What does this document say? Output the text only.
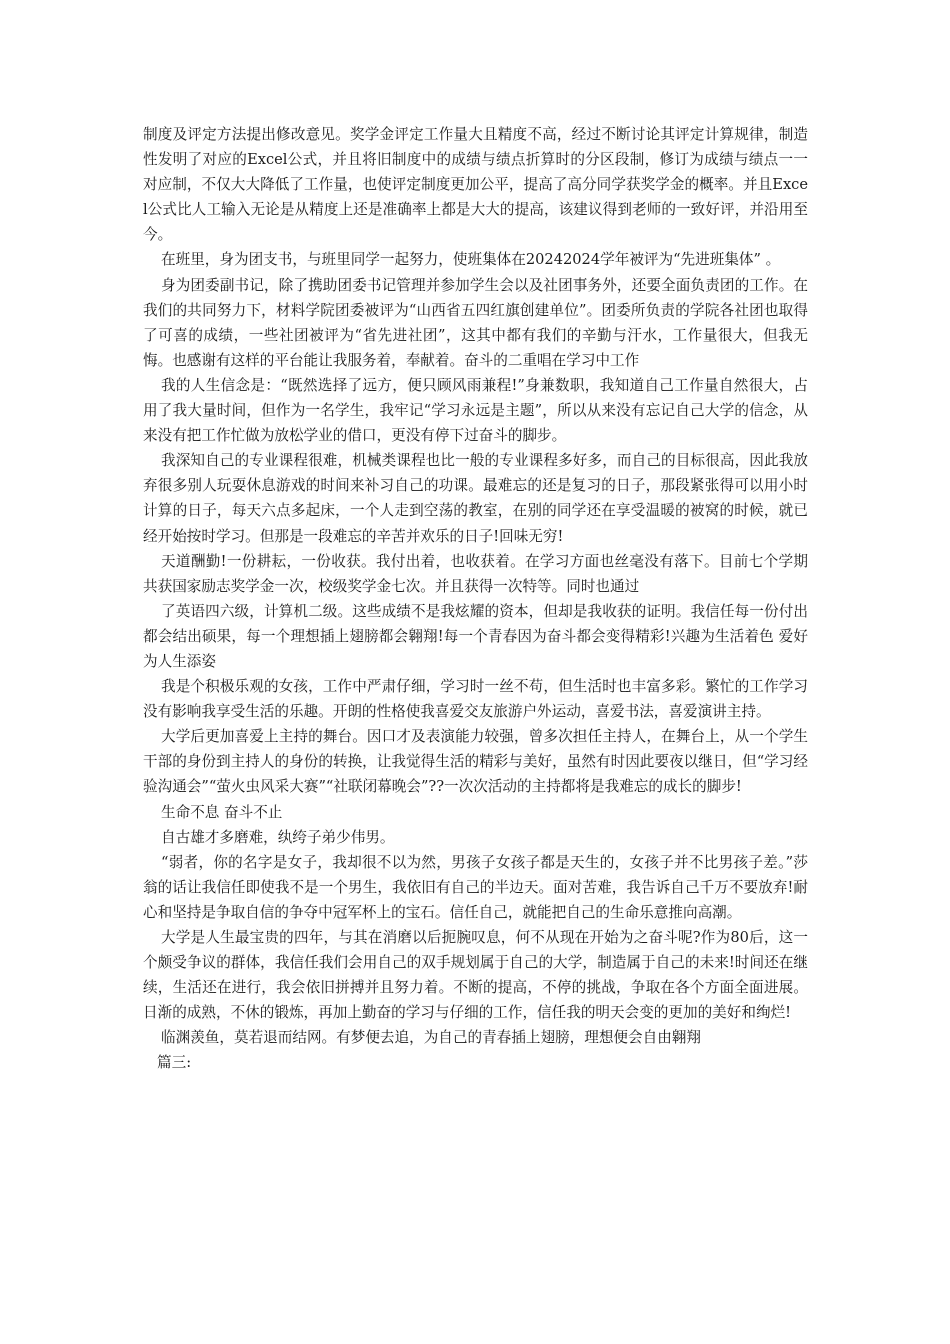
制度及评定方法提出修改意见。奖学金评定工作量大且精度不高，经过不断讨论其评定计算规律，制造性发明了对应的Excel公式，并且将旧制度中的成绩与绩点折算时的分区段制，修订为成绩与绩点一一对应制，不仅大大降低了工作量，也使评定制度更加公平，提高了高分同学获奖学金的概率。并且Excel公式比人工输入无论是从精度上还是准确率上都是大大的提高，该建议得到老师的一致好评，并沿用至今。

在班里，身为团支书，与班里同学一起努力，使班集体在20242024学年被评为“先进班集体” 。

身为团委副书记，除了携助团委书记管理并参加学生会以及社团事务外，还要全面负责团的工作。在我们的共同努力下，材料学院团委被评为“山西省五四红旗创建单位”。团委所负责的学院各社团也取得了可喜的成绩，一些社团被评为“省先进社团”，这其中都有我们的辛勤与汗水，工作量很大，但我无悔。也感谢有这样的平台能让我服务着，奉献着。奋斗的二重唱在学习中工作

我的人生信念是：“既然选择了远方，便只顾风雨兼程!”身兼数职，我知道自己工作量自然很大，占用了我大量时间，但作为一名学生，我牢记“学习永远是主题”，所以从来没有忘记自己大学的信念，从来没有把工作忙做为放松学业的借口，更没有停下过奋斗的脚步。

我深知自己的专业课程很难，机械类课程也比一般的专业课程多好多，而自己的目标很高，因此我放弃很多别人玩耍休息游戏的时间来补习自己的功课。最难忘的还是复习的日子，那段紧张得可以用小时计算的日子，每天六点多起床，一个人走到空荡的教室，在别的同学还在享受温暖的被窝的时候，就已经开始按时学习。但那是一段难忘的辛苦并欢乐的日子!回味无穷!

天道酬勤!一份耕耘，一份收获。我付出着，也收获着。在学习方面也丝毫没有落下。目前七个学期共获国家励志奖学金一次，校级奖学金七次。并且获得一次特等。同时也通过

了英语四六级，计算机二级。这些成绩不是我炫耀的资本，但却是我收获的证明。我信任每一份付出都会结出硕果，每一个理想插上翅膀都会翱翔!每一个青春因为奋斗都会变得精彩!兴趣为生活着色 爱好为人生添姿

我是个积极乐观的女孩，工作中严肃仔细，学习时一丝不苟，但生活时也丰富多彩。繁忙的工作学习没有影响我享受生活的乐趣。开朗的性格使我喜爱交友旅游户外运动，喜爱书法，喜爱演讲主持。

大学后更加喜爱上主持的舞台。因口才及表演能力较强，曾多次担任主持人，在舞台上，从一个学生干部的身份到主持人的身份的转换，让我觉得生活的精彩与美好，虽然有时因此要夜以继日，但“学习经验沟通会”“萤火虫风采大赛”“社联闭幕晚会”??一次次活动的主持都将是我难忘的成长的脚步!

生命不息 奋斗不止

自古雄才多磨难，纨绔子弟少伟男。

“弱者，你的名字是女子，我却很不以为然，男孩子女孩子都是天生的，女孩子并不比男孩子差。”莎翁的话让我信任即使我不是一个男生，我依旧有自己的半边天。面对苦难，我告诉自己千万不要放弃!耐心和坚持是争取自信的争夺中冠军杯上的宝石。信任自己，就能把自己的生命乐意推向高潮。

大学是人生最宝贵的四年，与其在消磨以后扼腕叹息，何不从现在开始为之奋斗呢?作为80后，这一个颇受争议的群体，我信任我们会用自己的双手规划属于自己的大学，制造属于自己的未来!时间还在继续，生活还在进行，我会依旧拼搏并且努力着。不断的提高，不停的挑战，争取在各个方面全面进展。日渐的成熟，不休的锻炼，再加上勤奋的学习与仔细的工作，信任我的明天会变的更加的美好和绚烂!

临渊羡鱼，莫若退而结网。有梦便去追，为自己的青春插上翅膀，理想便会自由翱翔

篇三:
